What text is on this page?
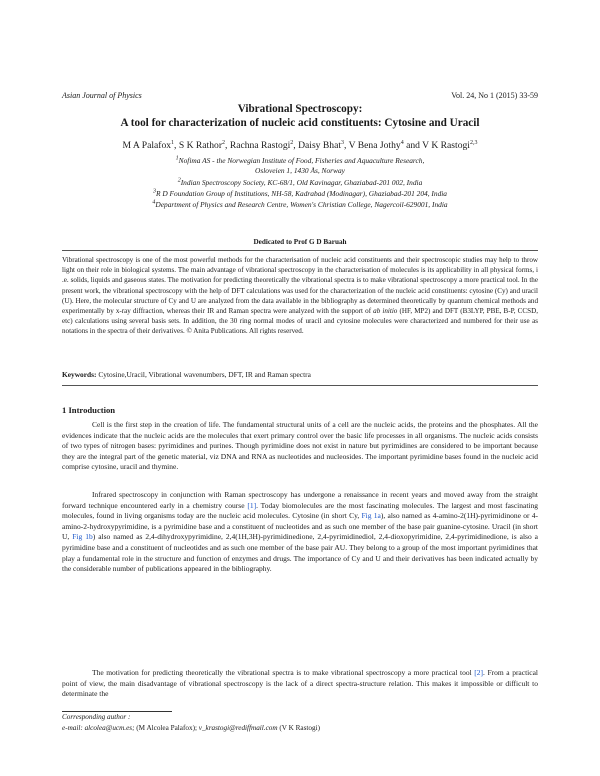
Asian Journal of Physics	Vol. 24, No 1 (2015) 33-59
Vibrational Spectroscopy:
A tool for characterization of nucleic acid constituents: Cytosine and Uracil
M A Palafox$^1$, S K Rathor$^2$, Rachna Rastogi$^2$, Daisy Bhat$^3$, V Bena Jothy$^4$ and V K Rastogi$^{2,3}$
$^1$Nofima AS - the Norwegian Institute of Food, Fisheries and Aquaculture Research,
Osloveien 1, 1430 Ås, Norway
$^2$Indian Spectroscopy Society, KC-68/1, Old Kavinagar, Ghaziabad-201 002, India
$^3$R D Foundation Group of Institutions, NH-58, Kadrabad (Modinagar), Ghaziabad-201 204, India
$^4$Department of Physics and Research Centre, Women's Christian College, Nagercoil-629001, India
Dedicated to Prof G D Baruah

Vibrational spectroscopy is one of the most powerful methods for the characterisation of nucleic acid constituents and their spectroscopic studies may help to throw light on their role in biological systems. The main advantage of vibrational spectroscopy in the characterisation of molecules is its applicability in all physical forms, i .e. solids, liquids and gaseous states. The motivation for predicting theoretically the vibrational spectra is to make vibrational spectroscopy a more practical tool. In the present work, the vibrational spectroscopy with the help of DFT calculations was used for the characterization of the nucleic acid constituents: cytosine (Cy) and uracil (U). Here, the molecular structure of Cy and U are analyzed from the data available in the bibliography as determined theoretically by quantum chemical methods and experimentally by x-ray diffraction, whereas their IR and Raman spectra were analyzed with the support of ab initio (HF, MP2) and DFT (B3LYP, PBE, B-P, CCSD, etc) calculations using several basis sets. In addition, the 30 ring normal modes of uracil and cytosine molecules were characterized and numbered for their use as notations in the spectra of their derivatives. © Anita Publications. All rights reserved.

Keywords: Cytosine,Uracil, Vibrational wavenumbers, DFT, IR and Raman spectra
1 Introduction

Cell is the first step in the creation of life. The fundamental structural units of a cell are the nucleic acids, the proteins and the phosphates. All the evidences indicate that the nucleic acids are the molecules that exert primary control over the basic life processes in all organisms. The nucleic acids consists of two types of nitrogen bases: pyrimidines and purines. Though pyrimidine does not exist in nature but pyrimidines are considered to be important because they are the integral part of the genetic material, viz DNA and RNA as nucleotides and nucleosides. The important pyrimidine bases found in the nucleic acid comprise cytosine, uracil and thymine.

Infrared spectroscopy in conjunction with Raman spectroscopy has undergone a renaissance in recent years and moved away from the straight forward technique encountered early in a chemistry course [1]. Today biomolecules are the most fascinating molecules. The largest and most fascinating molecules, found in living organisms today are the nucleic acid molecules. Cytosine (in short Cy, Fig 1a), also named as 4-amino-2(1H)-pyrimidinone or 4-amino-2-hydroxypyrimidine, is a pyrimidine base and a constituent of nucleotides and as such one member of the base pair guanine-cytosine. Uracil (in short U, Fig 1b) also named as 2,4-dihydroxypyrimidine, 2,4(1H,3H)-pyrimidinedione, 2,4-pyrimidinediol, 2,4-dioxopyrimidine, 2,4-pyrimidinedione, is also a pyrimidine base and a constituent of nucleotides and as such one member of the base pair AU. They belong to a group of the most important pyrimidines that play a fundamental role in the structure and function of enzymes and drugs. The importance of Cy and U and their derivatives has been indicated actually by the considerable number of publications appeared in the bibliography.

The motivation for predicting theoretically the vibrational spectra is to make vibrational spectroscopy a more practical tool [2]. From a practical point of view, the main disadvantage of vibrational spectroscopy is the lack of a direct spectra-structure relation. This makes it impossible or difficult to determinate the

Corresponding author :
e-mail: alcolea@ucm.es; (M Alcolea Palafox); v_krastogi@rediffmail.com (V K Rastogi)
